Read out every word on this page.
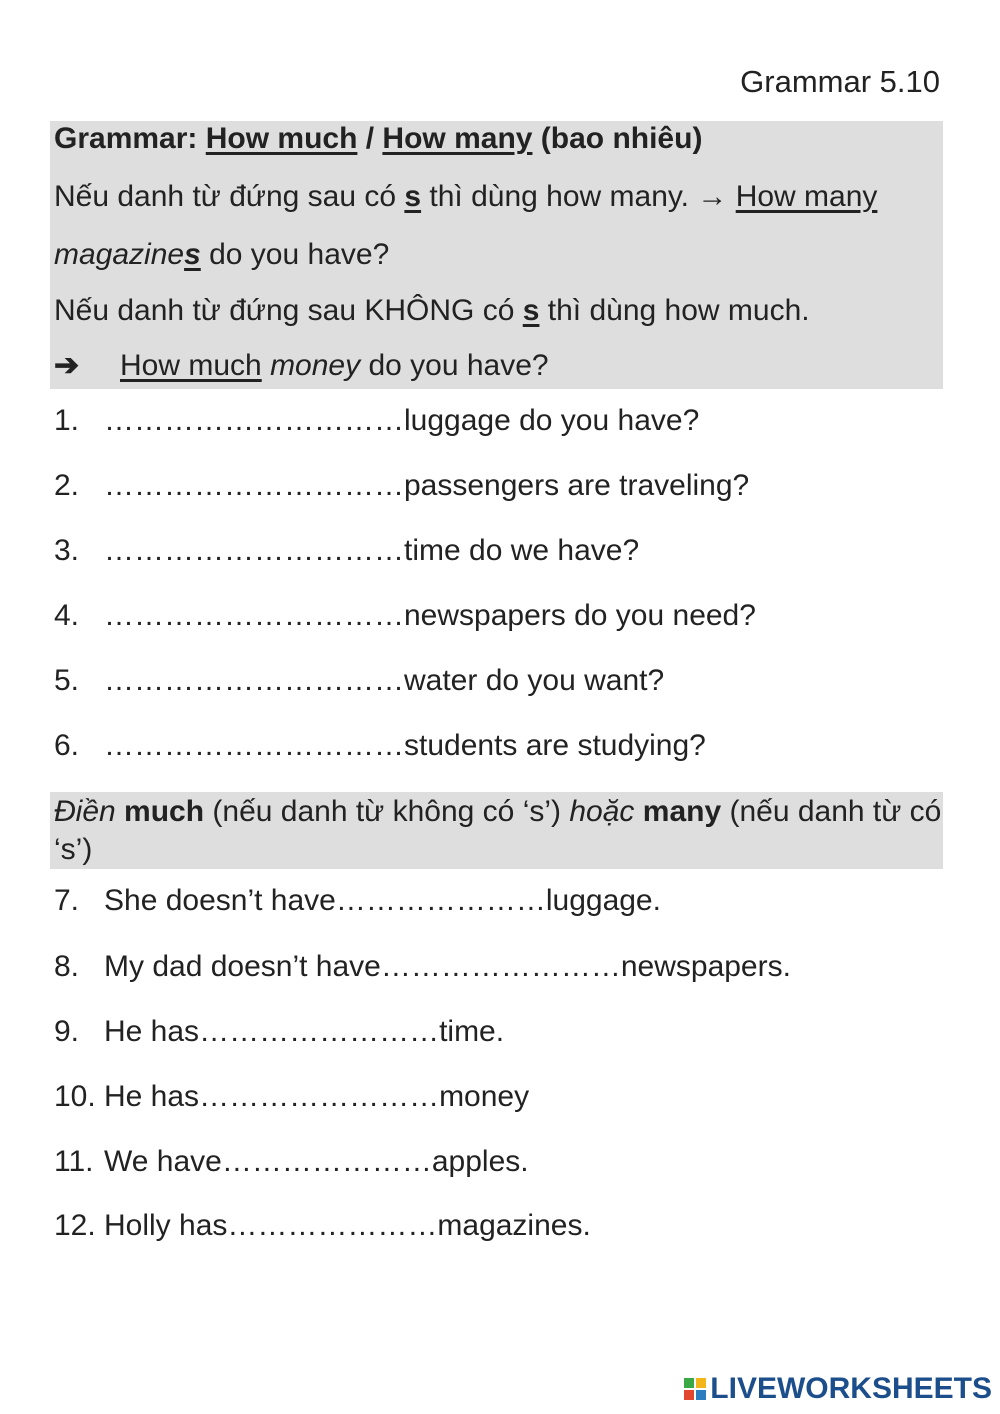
Grammar 5.10
Grammar: How much / How many (bao nhiêu)
Nếu danh từ đứng sau có s thì dùng how many. → How many
magazines do you have?
Nếu danh từ đứng sau KHÔNG có s thì dùng how much.
➔ How much money do you have?
1. …………………………luggage do you have?
2. …………………………passengers are traveling?
3. …………………………time do we have?
4. …………………………newspapers do you need?
5. …………………………water do you want?
6. …………………………students are studying?
Điền much (nếu danh từ không có ‘s’) hoặc many (nếu danh từ có ‘s’)
7. She doesn’t have…………………luggage.
8. My dad doesn’t have……………………newspapers.
9. He has……………………time.
10. He has……………………money
11. We have…………………apples.
12. Holly has…………………magazines.
LIVEWORKSHEETS
